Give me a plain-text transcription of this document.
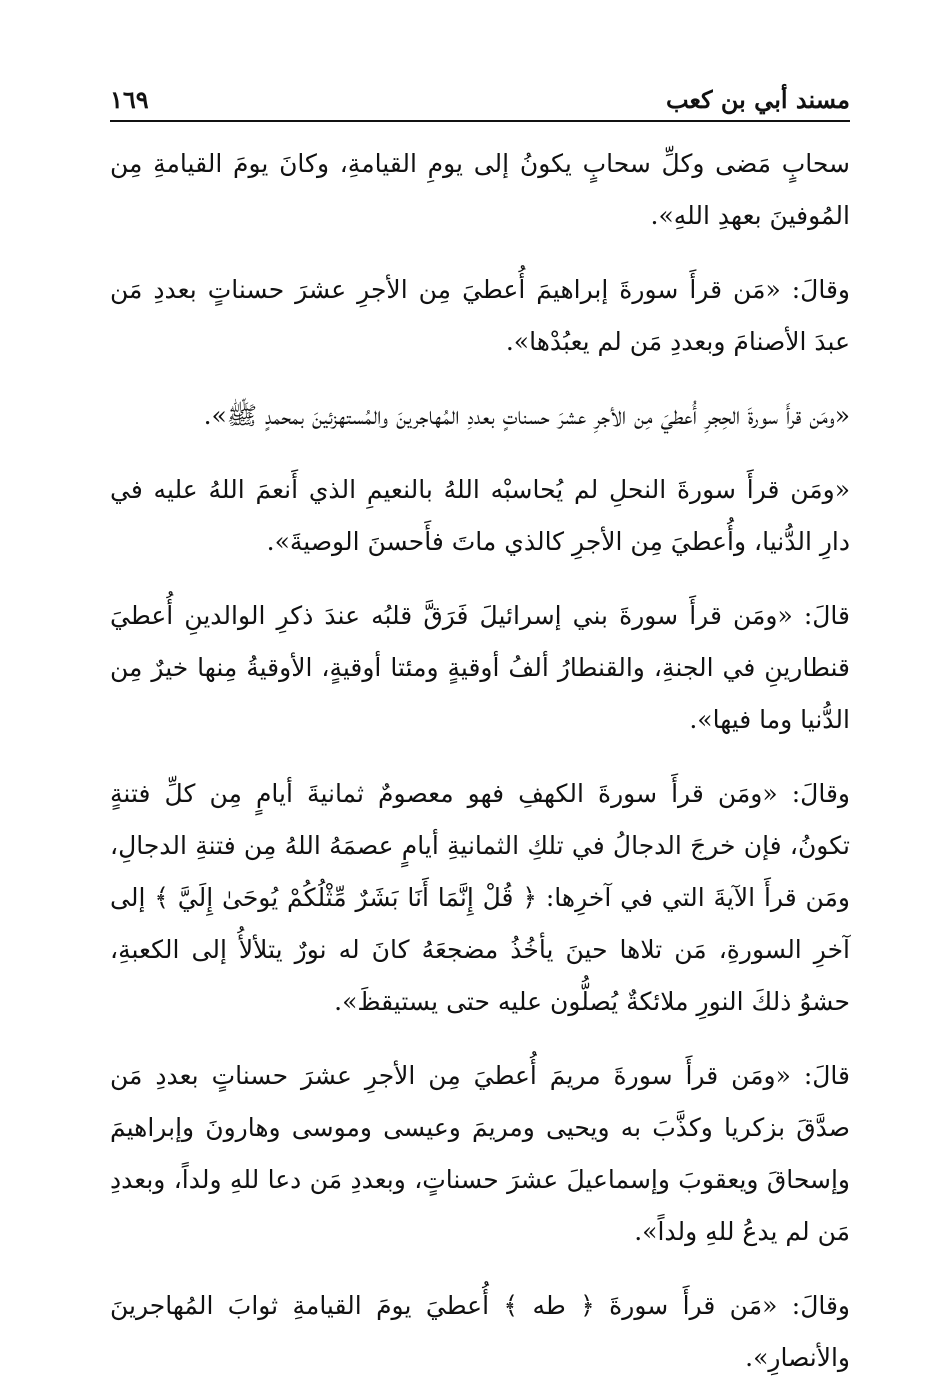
مسند أبي بن كعب
١٦٩

سحابٍ مَضى وكلِّ سحابٍ يكونُ إلى يومِ القيامةِ، وكانَ يومَ القيامةِ مِن المُوفينَ بعهدِ اللهِ».

وقالَ: «مَن قرأَ سورةَ إبراهيمَ أُعطيَ مِن الأجرِ عشرَ حسناتٍ بعددِ مَن عبدَ الأصنامَ وبعددِ مَن لم يعبُدْها».

«ومَن قرأَ سورةَ الحِجرِ أُعطيَ مِن الأجرِ عشرَ حسناتٍ بعددِ المُهاجرينَ والمُستهزئينَ بمحمدٍ ﷺ».

«ومَن قرأَ سورةَ النحلِ لم يُحاسبْه اللهُ بالنعيمِ الذي أَنعمَ اللهُ عليه في دارِ الدُّنيا، وأُعطيَ مِن الأجرِ كالذي ماتَ فأَحسنَ الوصيةَ».

قالَ: «ومَن قرأَ سورةَ بني إسرائيلَ فَرَقَّ قلبُه عندَ ذكرِ الوالدينِ أُعطيَ قنطارينِ في الجنةِ، والقنطارُ ألفُ أوقيةٍ ومئتا أوقيةٍ، الأوقيةُ مِنها خيرٌ مِن الدُّنيا وما فيها».

وقالَ: «ومَن قرأَ سورةَ الكهفِ فهو معصومٌ ثمانيةَ أيامٍ مِن كلِّ فتنةٍ تكونُ، فإن خرجَ الدجالُ في تلكِ الثمانيةِ أيامٍ عصمَهُ اللهُ مِن فتنةِ الدجالِ، ومَن قرأَ الآيةَ التي في آخرِها: ﴿ قُلْ إِنَّمَا أَنَا بَشَرٌ مِّثْلُكُمْ يُوحَىٰ إِلَيَّ ﴾ إلى آخرِ السورةِ، مَن تلاها حينَ يأخُذُ مضجعَهُ كانَ له نورٌ يتلألأُ إلى الكعبةِ، حشوُ ذلكَ النورِ ملائكةٌ يُصلُّون عليه حتى يستيقظَ».

قالَ: «ومَن قرأَ سورةَ مريمَ أُعطيَ مِن الأجرِ عشرَ حسناتٍ بعددِ مَن صدَّقَ بزكريا وكذَّبَ به ويحيى ومريمَ وعيسى وموسى وهارونَ وإبراهيمَ وإسحاقَ ويعقوبَ وإسماعيلَ عشرَ حسناتٍ، وبعددِ مَن دعا للهِ ولداً، وبعددِ مَن لم يدعُ للهِ ولداً».

وقالَ: «مَن قرأَ سورةَ ﴿ طه ﴾ أُعطيَ يومَ القيامةِ ثوابَ المُهاجرينَ والأنصارِ».
